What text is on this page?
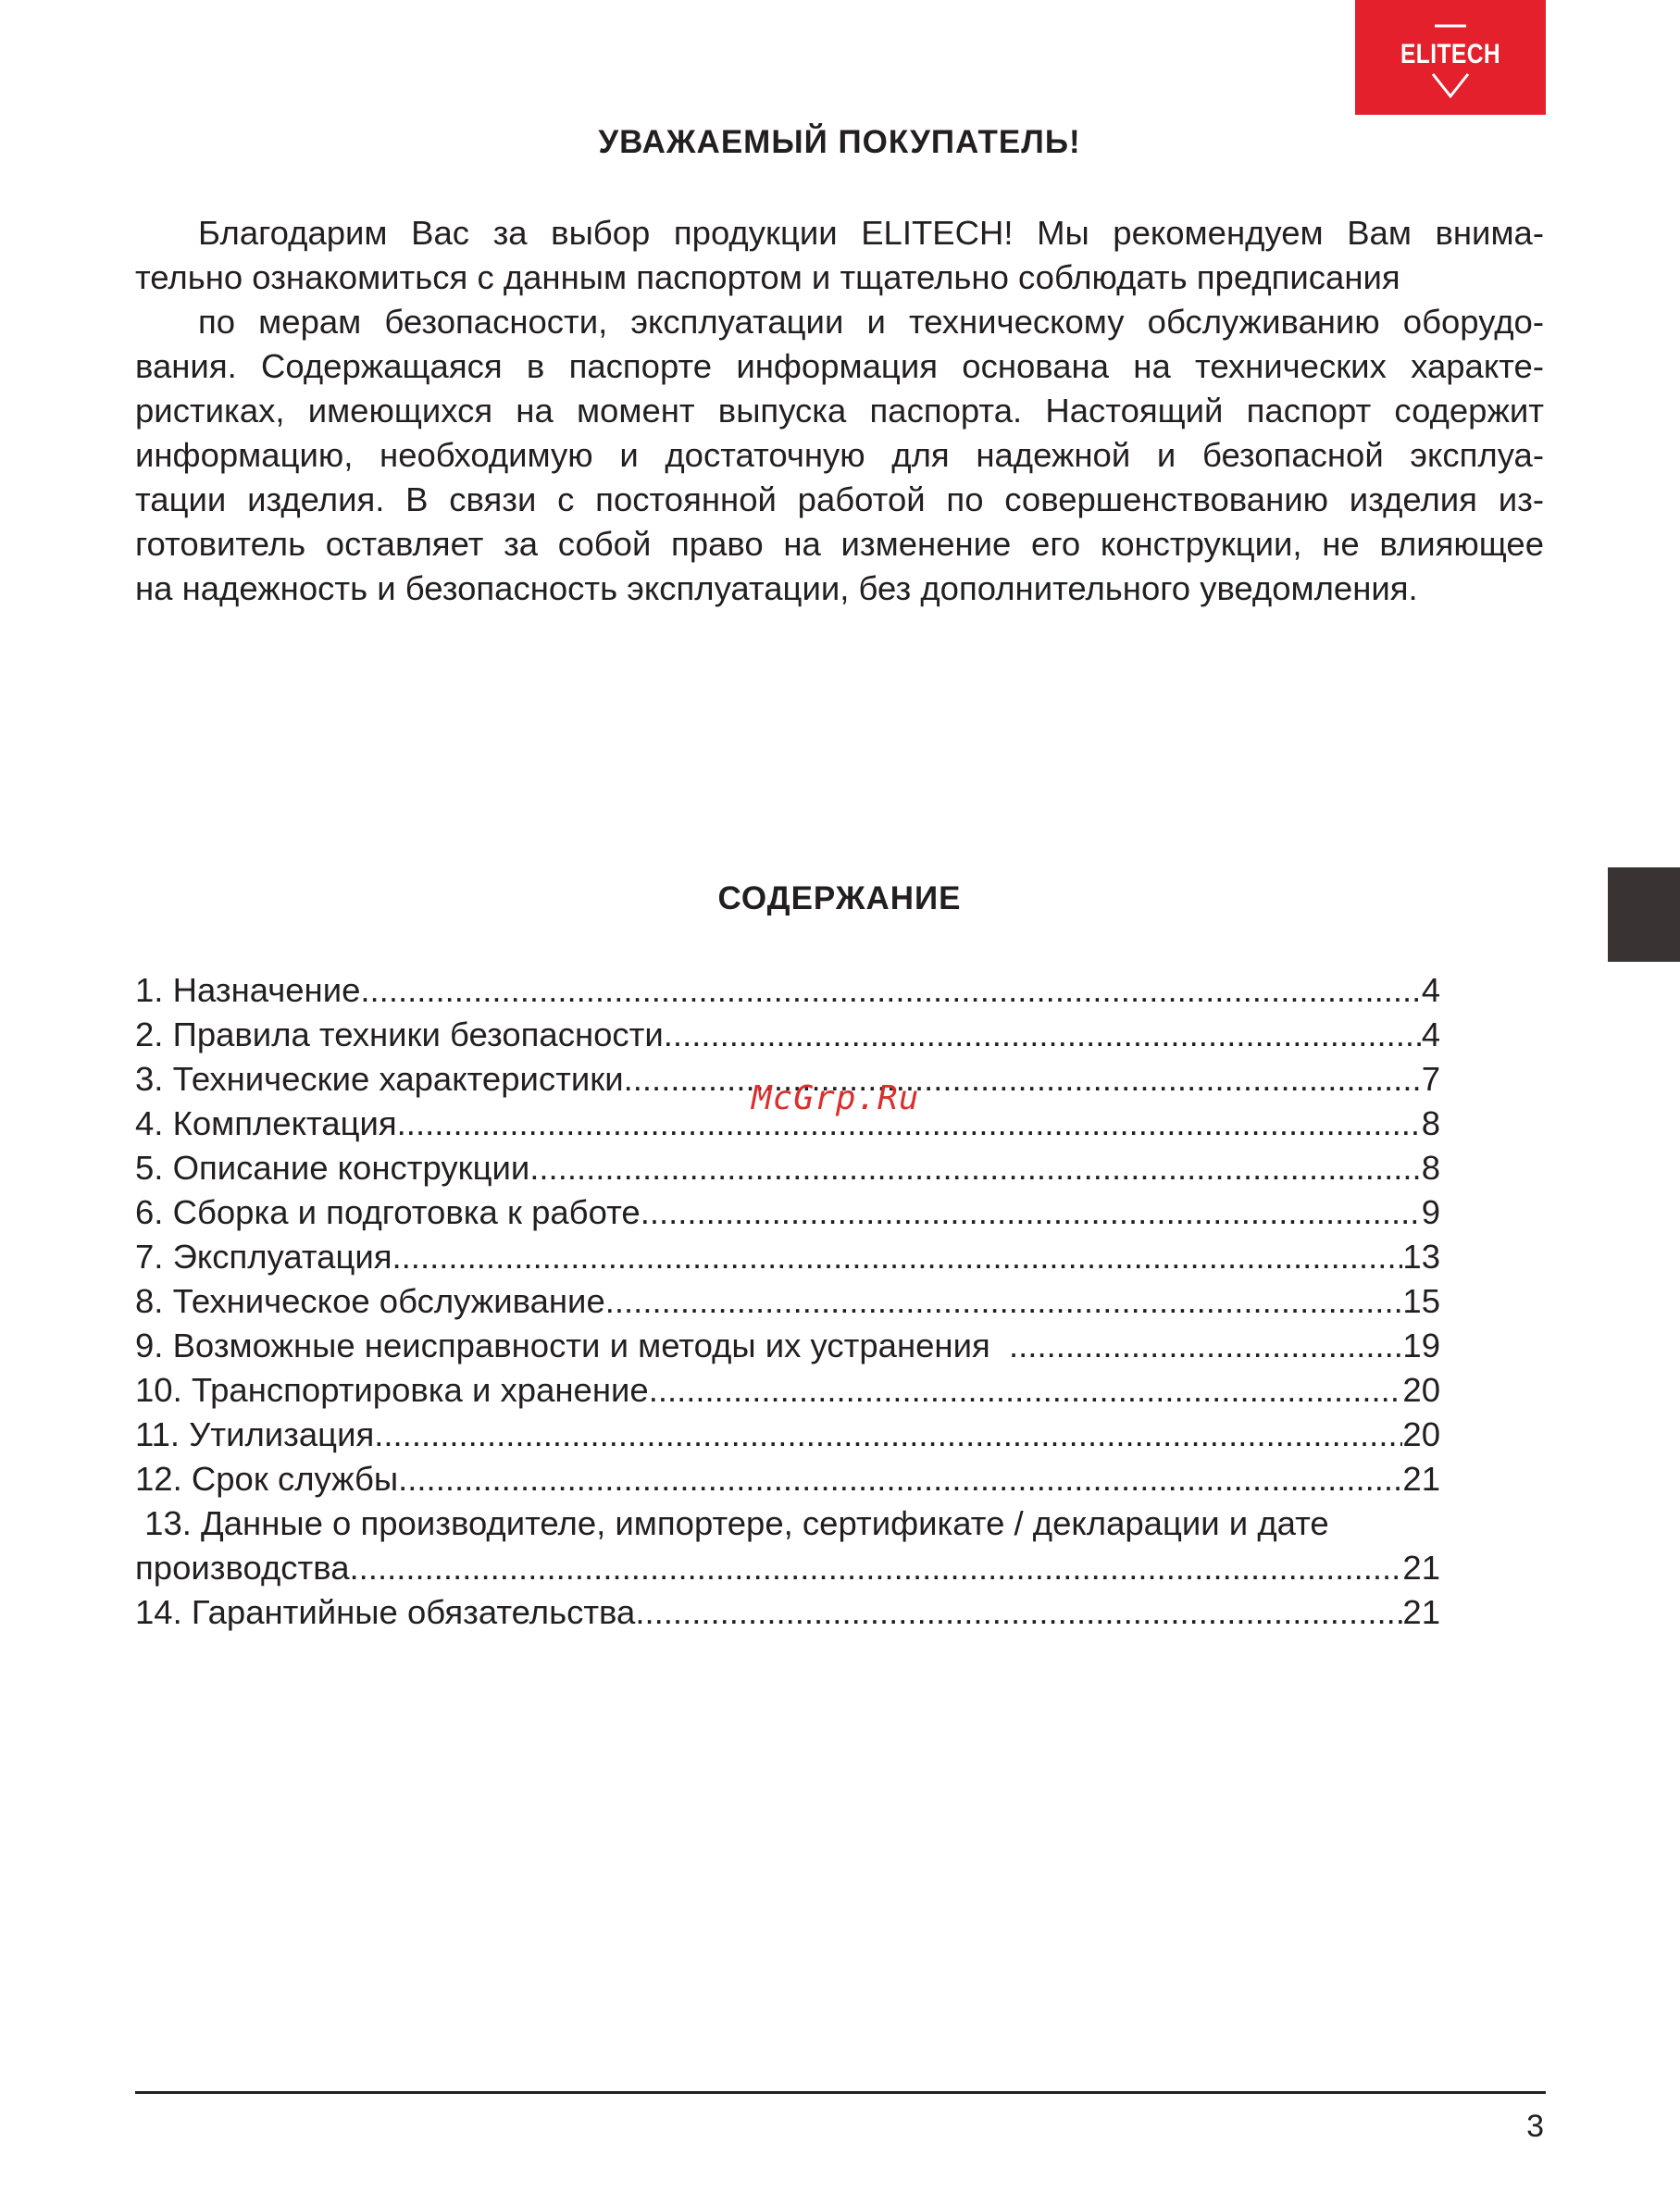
ELITECH
УВАЖАЕМЫЙ ПОКУПАТЕЛЬ!

Благодарим Вас за выбор продукции ELITECH! Мы рекомендуем Вам внима-

тельно ознакомиться с данным паспортом и тщательно соблюдать предписания

по мерам безопасности, эксплуатации и техническому обслуживанию оборудо-

вания. Содержащаяся в паспорте информация основана на технических характе-

ристиках, имеющихся на момент выпуска паспорта. Настоящий паспорт содержит

информацию, необходимую и достаточную для надежной и безопасной эксплуа-

тации изделия. В связи с постоянной работой по совершенствованию изделия из-

готовитель оставляет за собой право на изменение его конструкции, не влияющее

на надежность и безопасность эксплуатации, без дополнительного уведомления.

СОДЕРЖАНИЕ
1. Назначение .....	4
2. Правила техники безопасности .....	4
3. Технические характеристики .....	7
4. Комплектация .....	8
5. Описание конструкции .....	8
6. Сборка и подготовка к работе .....	9
7. Эксплуатация .....	13
8. Техническое обслуживание .....	15
9. Возможные неисправности и методы их устранения .....	19
10. Транспортировка и хранение .....	20
11. Утилизация .....	20
12. Срок службы .....	21
13. Данные о производителе, импортере, сертификате / декларации и дате
производства .....	21
14. Гарантийные обязательства .....	21
McGrp.Ru
3
